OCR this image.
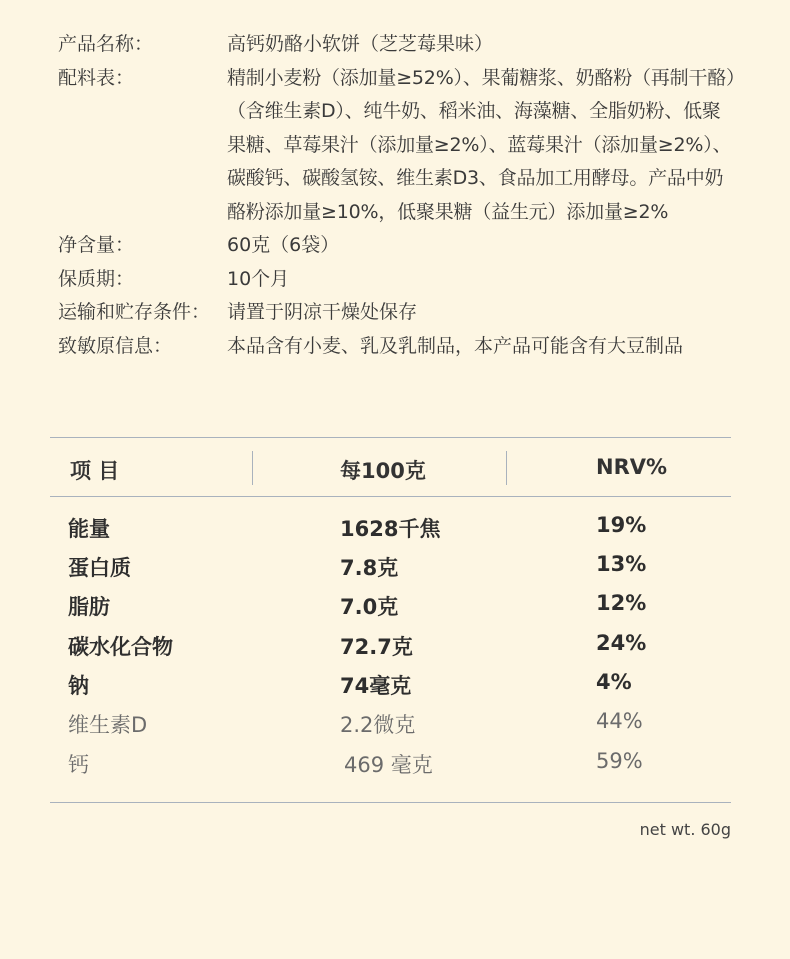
产品名称：	高钙奶酪小软饼（芝芝莓果味）
配料表：	精制小麦粉（添加量≥52%）、果葡糖浆、奶酪粉（再制干酪）（含维生素D）、纯牛奶、稻米油、海藻糖、全脂奶粉、低聚果糖、草莓果汁（添加量≥2%）、蓝莓果汁（添加量≥2%）、碳酸钙、碳酸氢铵、维生素D3、食品加工用酵母。产品中奶酪粉添加量≥10%，低聚果糖（益生元）添加量≥2%
净含量：	60克（6袋）
保质期：	10个月
运输和贮存条件： 请置于阴凉干燥处保存
致敏原信息：	本品含有小麦、乳及乳制品，本产品可能含有大豆制品
项 目	每100克	NRV%
能量	1628千焦	19%
蛋白质	7.8克	13%
脂肪	7.0克	12%
碳水化合物	72.7克	24%
钠	74毫克	4%
维生素D	2.2微克	44%
钙	469 毫克	59%
net wt. 60g
